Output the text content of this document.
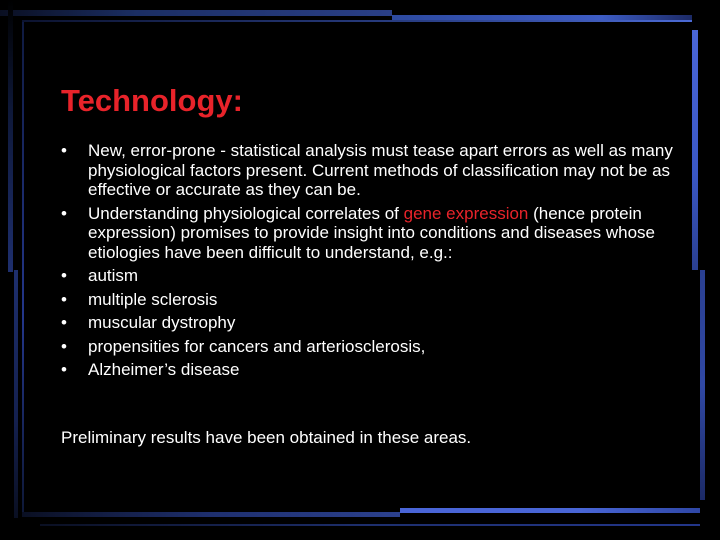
Technology:
•	New, error-prone - statistical analysis must tease apart errors as well as many physiological factors present. Current methods of classification may not be as effective or accurate as they can be.
•	Understanding physiological correlates of gene expression (hence protein expression) promises to provide insight into conditions and diseases whose etiologies have been difficult to understand, e.g.:
•	autism
•	multiple sclerosis
•	muscular dystrophy
•	propensities for cancers and arteriosclerosis,
•	Alzheimer’s disease

Preliminary results have been obtained in these areas.
